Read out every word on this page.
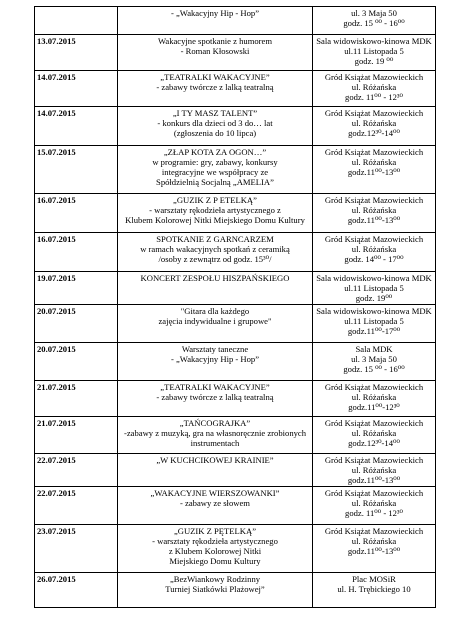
	- „Wakacyjny Hip - Hop”	ul. 3 Maja 50
godz. 15 ⁰⁰ - 16⁰⁰

13.07.2015	Wakacyjne spotkanie z humorem
- Roman Kłosowski	Sala widowiskowo-kinowa MDK
ul.11 Listopada 5
godz. 19 ⁰⁰

14.07.2015	„TEATRALKI WAKACYJNE”
- zabawy twórcze z lalką teatralną	Gród Książat Mazowieckich
ul. Różańska
godz. 11⁰⁰ - 12³⁰

14.07.2015	„I TY MASZ TALENT”
- konkurs dla dzieci od 3 do… lat
(zgłoszenia do 10 lipca)	Gród Książat Mazowieckich
ul. Różańska
godz.12³⁰-14⁰⁰

15.07.2015	„ZŁAP KOTA ZA OGON…”
w programie: gry, zabawy, konkursy
integracyjne we współpracy ze
Spółdzielnią Socjalną „AMELIA”	Gród Książat Mazowieckich
ul. Różańska
godz.11⁰⁰-13⁰⁰

16.07.2015	„GUZIK Z P ETELKĄ”
- warsztaty rękodzieła artystycznego z
Klubem Kolorowej Nitki Miejskiego Domu Kultury	Gród Książat Mazowieckich
ul. Różańska
godz.11⁰⁰-13⁰⁰

16.07.2015	SPOTKANIE Z GARNCARZEM
w ramach wakacyjnych spotkań z ceramiką
/osoby z zewnątrz od godz. 15³⁰/	Gród Książat Mazowieckich
ul. Różańska
godz. 14⁰⁰ - 17⁰⁰

19.07.2015	KONCERT ZESPOŁU HISZPAŃSKIEGO	Sala widowiskowo-kinowa MDK
ul.11 Listopada 5
godz. 19⁰⁰

20.07.2015	"Gitara dla każdego
zajęcia indywidualne i grupowe"	Sala widowiskowo-kinowa MDK
ul.11 Listopada 5
godz.11⁰⁰-17⁰⁰

20.07.2015	Warsztaty taneczne
- „Wakacyjny Hip - Hop”	Sala MDK
ul. 3 Maja 50
godz. 15 ⁰⁰ - 16⁰⁰

21.07.2015	„TEATRALKI WAKACYJNE”
- zabawy twórcze z lalką teatralną	Gród Książat Mazowieckich
ul. Różańska
godz.11⁰⁰-12³⁰

21.07.2015	„TAŃCOGRAJKA”
-zabawy z muzyką, gra na własnoręcznie zrobionych
instrumentach	Gród Książat Mazowieckich
ul. Różańska
godz.12³⁰-14⁰⁰

22.07.2015	„W KUCHCIKOWEJ KRAINIE”	Gród Książat Mazowieckich
ul. Różańska
godz.11⁰⁰-13⁰⁰

22.07.2015	„WAKACYJNE WIERSZOWANKI”
- zabawy ze słowem	Gród Książat Mazowieckich
ul. Różańska
godz. 11⁰⁰ - 12³⁰

23.07.2015	„GUZIK Z PĘTELKĄ”
- warsztaty rękodzieła artystycznego
z Klubem Kolorowej Nitki
Miejskiego Domu Kultury	Gród Książat Mazowieckich
ul. Różańska
godz.11⁰⁰-13⁰⁰

26.07.2015	„BezWiankowy Rodzinny
Turniej Siatkówki Plażowej”	Plac MOSiR
ul. H. Trębickiego 10
